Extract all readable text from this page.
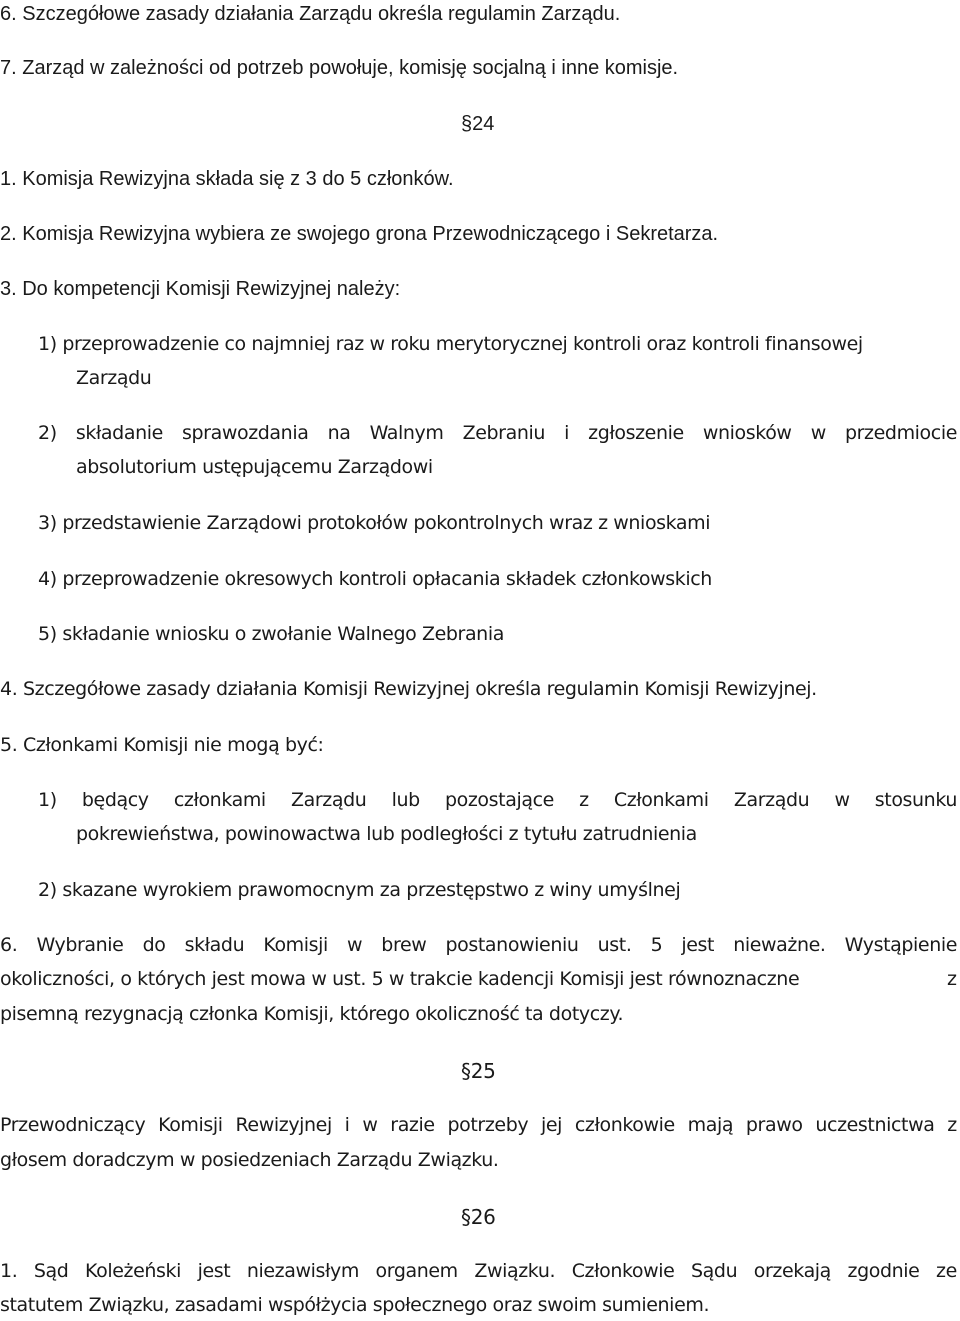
6. Szczegółowe zasady działania Zarządu określa regulamin Zarządu.
7. Zarząd w zależności od potrzeb powołuje, komisję socjalną i inne komisje.
§24
1. Komisja Rewizyjna składa się z 3 do 5 członków.
2. Komisja Rewizyjna wybiera ze swojego grona Przewodniczącego i Sekretarza.
3. Do kompetencji Komisji Rewizyjnej należy:
1) przeprowadzenie co najmniej raz w roku merytorycznej kontroli oraz kontroli finansowej
Zarządu
2) składanie sprawozdania na Walnym Zebraniu i zgłoszenie wniosków w przedmiocie
absolutorium ustępującemu Zarządowi
3) przedstawienie Zarządowi protokołów pokontrolnych wraz z wnioskami
4) przeprowadzenie okresowych kontroli opłacania składek członkowskich
5) składanie wniosku o zwołanie Walnego Zebrania
4. Szczegółowe zasady działania Komisji Rewizyjnej określa regulamin Komisji Rewizyjnej.
5. Członkami Komisji nie mogą być:
1) będący członkami Zarządu lub pozostające z Członkami Zarządu w stosunku
pokrewieństwa, powinowactwa lub podległości z tytułu zatrudnienia
2) skazane wyrokiem prawomocnym za przestępstwo z winy umyślnej
6. Wybranie do składu Komisji w brew postanowieniu ust. 5 jest nieważne. Wystąpienie
okoliczności, o których jest mowa w ust. 5 w trakcie kadencji Komisji jest równoznaczne	z
pisemną rezygnacją członka Komisji, którego okoliczność ta dotyczy.
§25
Przewodniczący Komisji Rewizyjnej i w razie potrzeby jej członkowie mają prawo uczestnictwa z
głosem doradczym w posiedzeniach Zarządu Związku.
§26
1. Sąd Koleżeński jest niezawisłym organem Związku. Członkowie Sądu orzekają zgodnie ze
statutem Związku, zasadami współżycia społecznego oraz swoim sumieniem.
